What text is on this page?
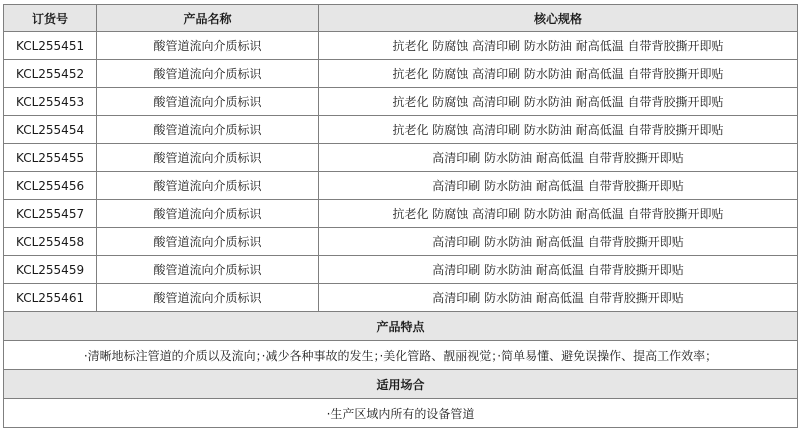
订货号	产品名称	核心规格
KCL255451	酸管道流向介质标识	抗老化 防腐蚀 高清印刷 防水防油 耐高低温 自带背胶撕开即贴
KCL255452	酸管道流向介质标识	抗老化 防腐蚀 高清印刷 防水防油 耐高低温 自带背胶撕开即贴
KCL255453	酸管道流向介质标识	抗老化 防腐蚀 高清印刷 防水防油 耐高低温 自带背胶撕开即贴
KCL255454	酸管道流向介质标识	抗老化 防腐蚀 高清印刷 防水防油 耐高低温 自带背胶撕开即贴
KCL255455	酸管道流向介质标识	高清印刷 防水防油 耐高低温 自带背胶撕开即贴
KCL255456	酸管道流向介质标识	高清印刷 防水防油 耐高低温 自带背胶撕开即贴
KCL255457	酸管道流向介质标识	抗老化 防腐蚀 高清印刷 防水防油 耐高低温 自带背胶撕开即贴
KCL255458	酸管道流向介质标识	高清印刷 防水防油 耐高低温 自带背胶撕开即贴
KCL255459	酸管道流向介质标识	高清印刷 防水防油 耐高低温 自带背胶撕开即贴
KCL255461	酸管道流向介质标识	高清印刷 防水防油 耐高低温 自带背胶撕开即贴
产品特点		
·清晰地标注管道的介质以及流向；·减少各种事故的发生；·美化管路、靓丽视觉；·简单易懂、避免误操作、提高工作效率；		
适用场合		
·生产区域内所有的设备管道		
